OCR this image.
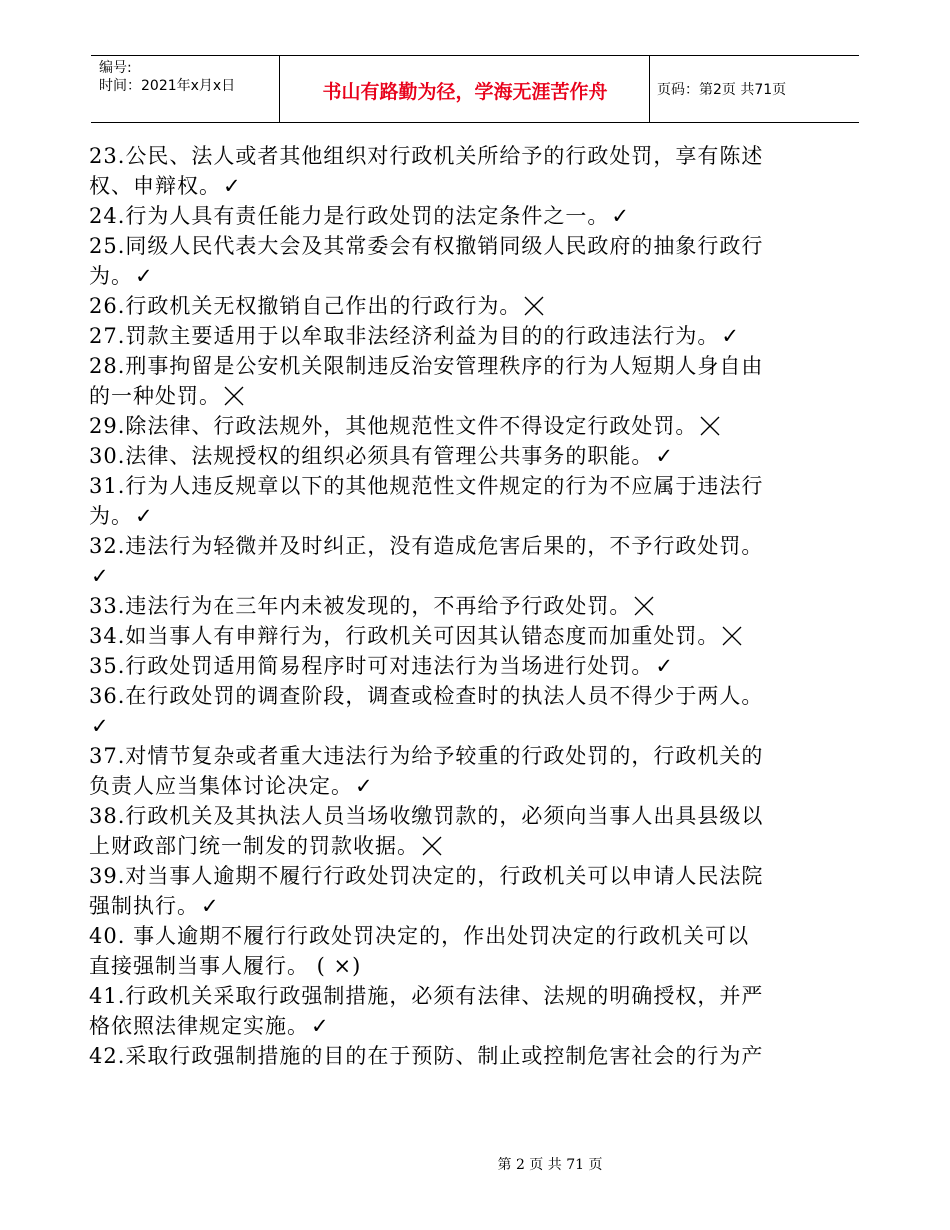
编号:
时间：2021年x月x日	书山有路勤为径，学海无涯苦作舟	页码：第2页 共71页
23.公民、法人或者其他组织对行政机关所给予的行政处罚，享有陈述
权、申辩权。✓
24.行为人具有责任能力是行政处罚的法定条件之一。✓
25.同级人民代表大会及其常委会有权撤销同级人民政府的抽象行政行
为。✓
26.行政机关无权撤销自己作出的行政行为。
27.罚款主要适用于以牟取非法经济利益为目的的行政违法行为。✓
28.刑事拘留是公安机关限制违反治安管理秩序的行为人短期人身自由
的一种处罚。
29.除法律、行政法规外，其他规范性文件不得设定行政处罚。
30.法律、法规授权的组织必须具有管理公共事务的职能。✓
31.行为人违反规章以下的其他规范性文件规定的行为不应属于违法行
为。✓
32.违法行为轻微并及时纠正，没有造成危害后果的，不予行政处罚。
✓
33.违法行为在三年内未被发现的，不再给予行政处罚。
34.如当事人有申辩行为，行政机关可因其认错态度而加重处罚。
35.行政处罚适用简易程序时可对违法行为当场进行处罚。✓
36.在行政处罚的调查阶段，调查或检查时的执法人员不得少于两人。
✓
37.对情节复杂或者重大违法行为给予较重的行政处罚的，行政机关的
负责人应当集体讨论决定。✓
38.行政机关及其执法人员当场收缴罚款的，必须向当事人出具县级以
上财政部门统一制发的罚款收据。
39.对当事人逾期不履行行政处罚决定的，行政机关可以申请人民法院
强制执行。✓
40. 事人逾期不履行行政处罚决定的，作出处罚决定的行政机关可以
直接强制当事人履行。 ( ×)
41.行政机关采取行政强制措施，必须有法律、法规的明确授权，并严
格依照法律规定实施。✓
42.采取行政强制措施的目的在于预防、制止或控制危害社会的行为产
第 2 页 共 71 页
